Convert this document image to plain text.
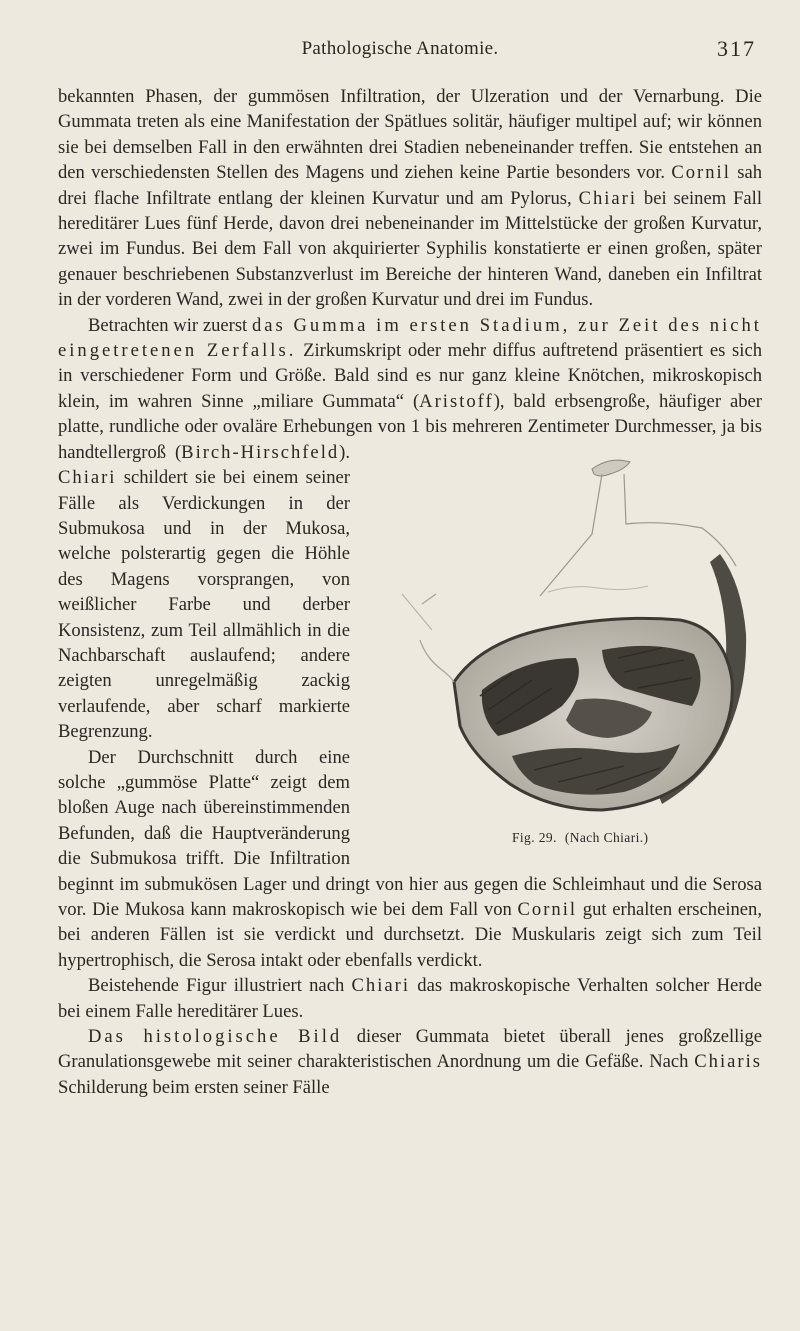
Pathologische Anatomie.	317

bekannten Phasen, der gummösen Infiltration, der Ulzeration und der Vernarbung. Die Gummata treten als eine Manifestation der Spätlues solitär, häufiger multipel auf; wir können sie bei demselben Fall in den erwähnten drei Stadien nebeneinander treffen. Sie entstehen an den verschiedensten Stellen des Magens und ziehen keine Partie besonders vor. Cornil sah drei flache Infiltrate entlang der kleinen Kurvatur und am Pylorus, Chiari bei seinem Fall hereditärer Lues fünf Herde, davon drei nebeneinander im Mittelstücke der großen Kurvatur, zwei im Fundus. Bei dem Fall von akquirierter Syphilis konstatierte er einen großen, später genauer beschriebenen Substanzverlust im Bereiche der hinteren Wand, daneben ein Infiltrat in der vorderen Wand, zwei in der großen Kurvatur und drei im Fundus.

Betrachten wir zuerst das Gumma im ersten Stadium, zur Zeit des nicht eingetretenen Zerfalls. Zirkumskript oder mehr diffus auftretend präsentiert es sich in verschiedener Form und Größe. Bald sind es nur ganz kleine Knötchen, mikroskopisch klein, im wahren Sinne „miliare Gummata“ (Aristoff), bald erbsengroße, häufiger aber platte, rundliche oder ovaläre Erhebungen von 1 bis mehreren Zentimeter Durchmesser, ja bis handtellergroß (Birch-Hirschfeld).
Fig. 29. (Nach Chiari.)
Chiari schildert sie bei einem seiner Fälle als Verdickungen in der Submukosa und in der Mukosa, welche polsterartig gegen die Höhle des Magens vorsprangen, von weißlicher Farbe und derber Konsistenz, zum Teil allmählich in die Nachbarschaft auslaufend; andere zeigten unregelmäßig zackig verlaufende, aber scharf markierte Begrenzung.

Der Durchschnitt durch eine solche „gummöse Platte“ zeigt dem bloßen Auge nach übereinstimmenden Befunden, daß die Hauptveränderung die Submukosa trifft. Die Infiltration beginnt im submukösen Lager und dringt von hier aus gegen die Schleimhaut und die Serosa vor. Die Mukosa kann makroskopisch wie bei dem Fall von Cornil gut erhalten erscheinen, bei anderen Fällen ist sie verdickt und durchsetzt. Die Muskularis zeigt sich zum Teil hypertrophisch, die Serosa intakt oder ebenfalls verdickt.

Beistehende Figur illustriert nach Chiari das makroskopische Verhalten solcher Herde bei einem Falle hereditärer Lues.

Das histologische Bild dieser Gummata bietet überall jenes großzellige Granulationsgewebe mit seiner charakteristischen Anordnung um die Gefäße. Nach Chiaris Schilderung beim ersten seiner Fälle
